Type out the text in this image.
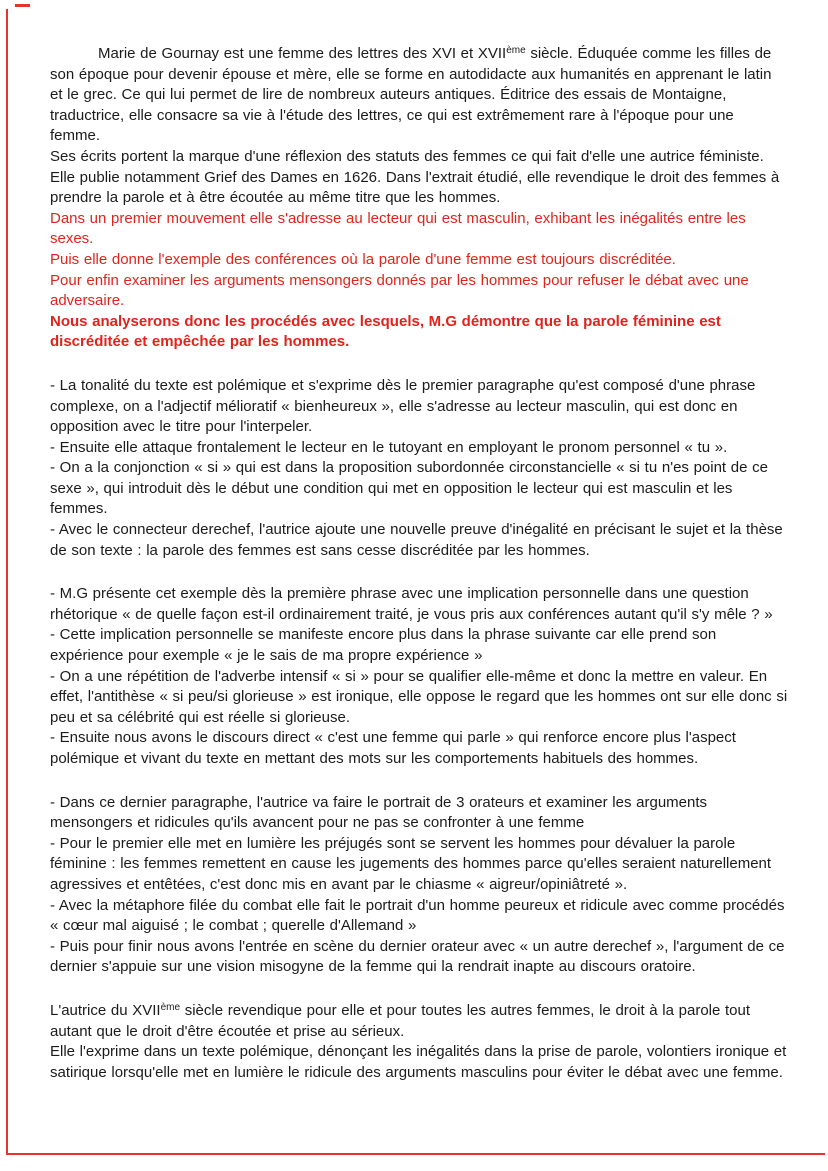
Marie de Gournay est une femme des lettres des XVI et XVIIème siècle. Éduquée comme les filles de son époque pour devenir épouse et mère, elle se forme en autodidacte aux humanités en apprenant le latin et le grec. Ce qui lui permet de lire de nombreux auteurs antiques. Éditrice des essais de Montaigne, traductrice, elle consacre sa vie à l'étude des lettres, ce qui est extrêmement rare à l'époque pour une femme.

Ses écrits portent la marque d'une réflexion des statuts des femmes ce qui fait d'elle une autrice féministe. Elle publie notamment Grief des Dames en 1626. Dans l'extrait étudié, elle revendique le droit des femmes à prendre la parole et à être écoutée au même titre que les hommes.

Dans un premier mouvement elle s'adresse au lecteur qui est masculin, exhibant les inégalités entre les sexes.

Puis elle donne l'exemple des conférences où la parole d'une femme est toujours discréditée.

Pour enfin examiner les arguments mensongers donnés par les hommes pour refuser le débat avec une adversaire.

Nous analyserons donc les procédés avec lesquels, M.G démontre que la parole féminine est discréditée et empêchée par les hommes.

- La tonalité du texte est polémique et s'exprime dès le premier paragraphe qu'est composé d'une phrase complexe, on a l'adjectif mélioratif « bienheureux », elle s'adresse au lecteur masculin, qui est donc en opposition avec le titre pour l'interpeler.

- Ensuite elle attaque frontalement le lecteur en le tutoyant en employant le pronom personnel « tu ».

- On a la conjonction « si » qui est dans la proposition subordonnée circonstancielle « si tu n'es point de ce sexe », qui introduit dès le début une condition qui met en opposition le lecteur qui est masculin et les femmes.

- Avec le connecteur derechef, l'autrice ajoute une nouvelle preuve d'inégalité en précisant le sujet et la thèse de son texte : la parole des femmes est sans cesse discréditée par les hommes.

- M.G présente cet exemple dès la première phrase avec une implication personnelle dans une question rhétorique « de quelle façon est-il ordinairement traité, je vous pris aux conférences autant qu'il s'y mêle ? »

- Cette implication personnelle se manifeste encore plus dans la phrase suivante car elle prend son expérience pour exemple « je le sais de ma propre expérience »

- On a une répétition de l'adverbe intensif « si » pour se qualifier elle-même et donc la mettre en valeur. En effet, l'antithèse « si peu/si glorieuse » est ironique, elle oppose le regard que les hommes ont sur elle donc si peu et sa célébrité qui est réelle si glorieuse.

- Ensuite nous avons le discours direct « c'est une femme qui parle » qui renforce encore plus l'aspect polémique et vivant du texte en mettant des mots sur les comportements habituels des hommes.

- Dans ce dernier paragraphe, l'autrice va faire le portrait de 3 orateurs et examiner les arguments mensongers et ridicules qu'ils avancent pour ne pas se confronter à une femme

- Pour le premier elle met en lumière les préjugés sont se servent les hommes pour dévaluer la parole féminine : les femmes remettent en cause les jugements des hommes parce qu'elles seraient naturellement agressives et entêtées, c'est donc mis en avant par le chiasme « aigreur/opiniâtreté ».

- Avec la métaphore filée du combat elle fait le portrait d'un homme peureux et ridicule avec comme procédés « cœur mal aiguisé ; le combat ; querelle d'Allemand »

- Puis pour finir nous avons l'entrée en scène du dernier orateur avec « un autre derechef », l'argument de ce dernier s'appuie sur une vision misogyne de la femme qui la rendrait inapte au discours oratoire.

L'autrice du XVIIème siècle revendique pour elle et pour toutes les autres femmes, le droit à la parole tout autant que le droit d'être écoutée et prise au sérieux.

Elle l'exprime dans un texte polémique, dénonçant les inégalités dans la prise de parole, volontiers ironique et satirique lorsqu'elle met en lumière le ridicule des arguments masculins pour éviter le débat avec une femme.
